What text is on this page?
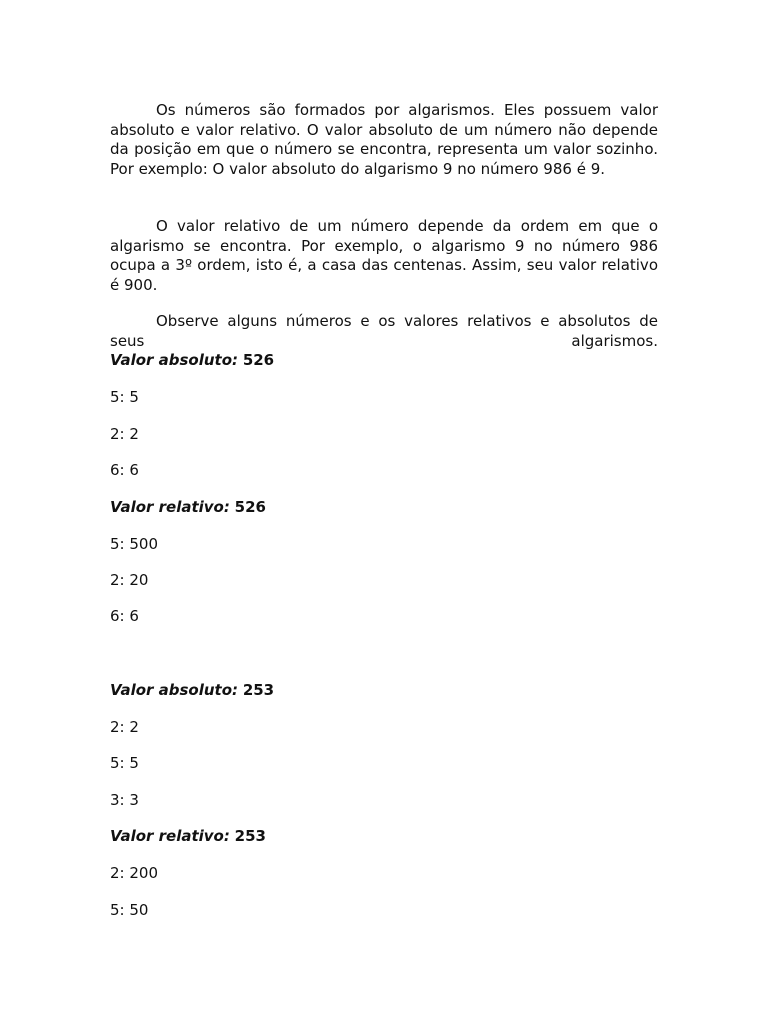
Os números são formados por algarismos. Eles possuem valor absoluto e valor relativo. O valor absoluto de um número não depende da posição em que o número se encontra, representa um valor sozinho. Por exemplo: O valor absoluto do algarismo 9 no número 986 é 9.

O valor relativo de um número depende da ordem em que o algarismo se encontra. Por exemplo, o algarismo 9 no número 986 ocupa a 3º ordem, isto é, a casa das centenas. Assim, seu valor relativo é 900.

Observe alguns números e os valores relativos e absolutos de seus algarismos.

Valor absoluto: 526

5: 5

2: 2

6: 6

Valor relativo: 526

5: 500

2: 20

6: 6

Valor absoluto: 253

2: 2

5: 5

3: 3

Valor relativo: 253

2: 200

5: 50
